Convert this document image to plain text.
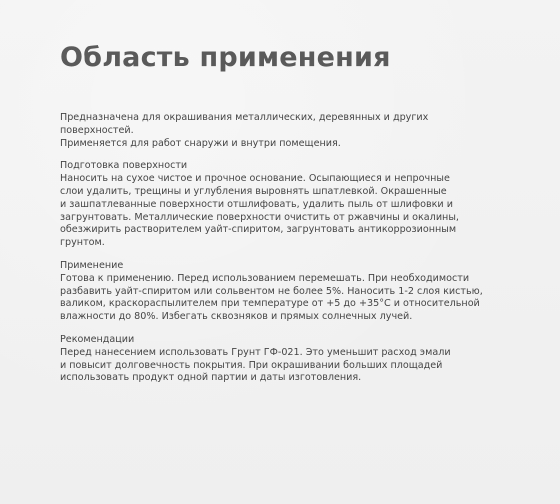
Область применения
Предназначена для окрашивания металлических, деревянных и других
поверхностей.
Применяется для работ снаружи и внутри помещения.
Подготовка поверхности
Наносить на сухое чистое и прочное основание. Осыпающиеся и непрочные
слои удалить, трещины и углубления выровнять шпатлевкой. Окрашенные
и зашпатлеванные поверхности отшлифовать, удалить пыль от шлифовки и
загрунтовать. Металлические поверхности очистить от ржавчины и окалины,
обезжирить растворителем уайт-спиритом, загрунтовать антикоррозионным
грунтом.
Применение
Готова к применению. Перед использованием перемешать. При необходимости
разбавить уайт-спиритом или сольвентом не более 5%. Наносить 1-2 слоя кистью,
валиком, краскораспылителем при температуре от +5 до +35°С и относительной
влажности до 80%. Избегать сквозняков и прямых солнечных лучей.
Рекомендации
Перед нанесением использовать Грунт ГФ-021. Это уменьшит расход эмали
и повысит долговечность покрытия. При окрашивании больших площадей
использовать продукт одной партии и даты изготовления.
